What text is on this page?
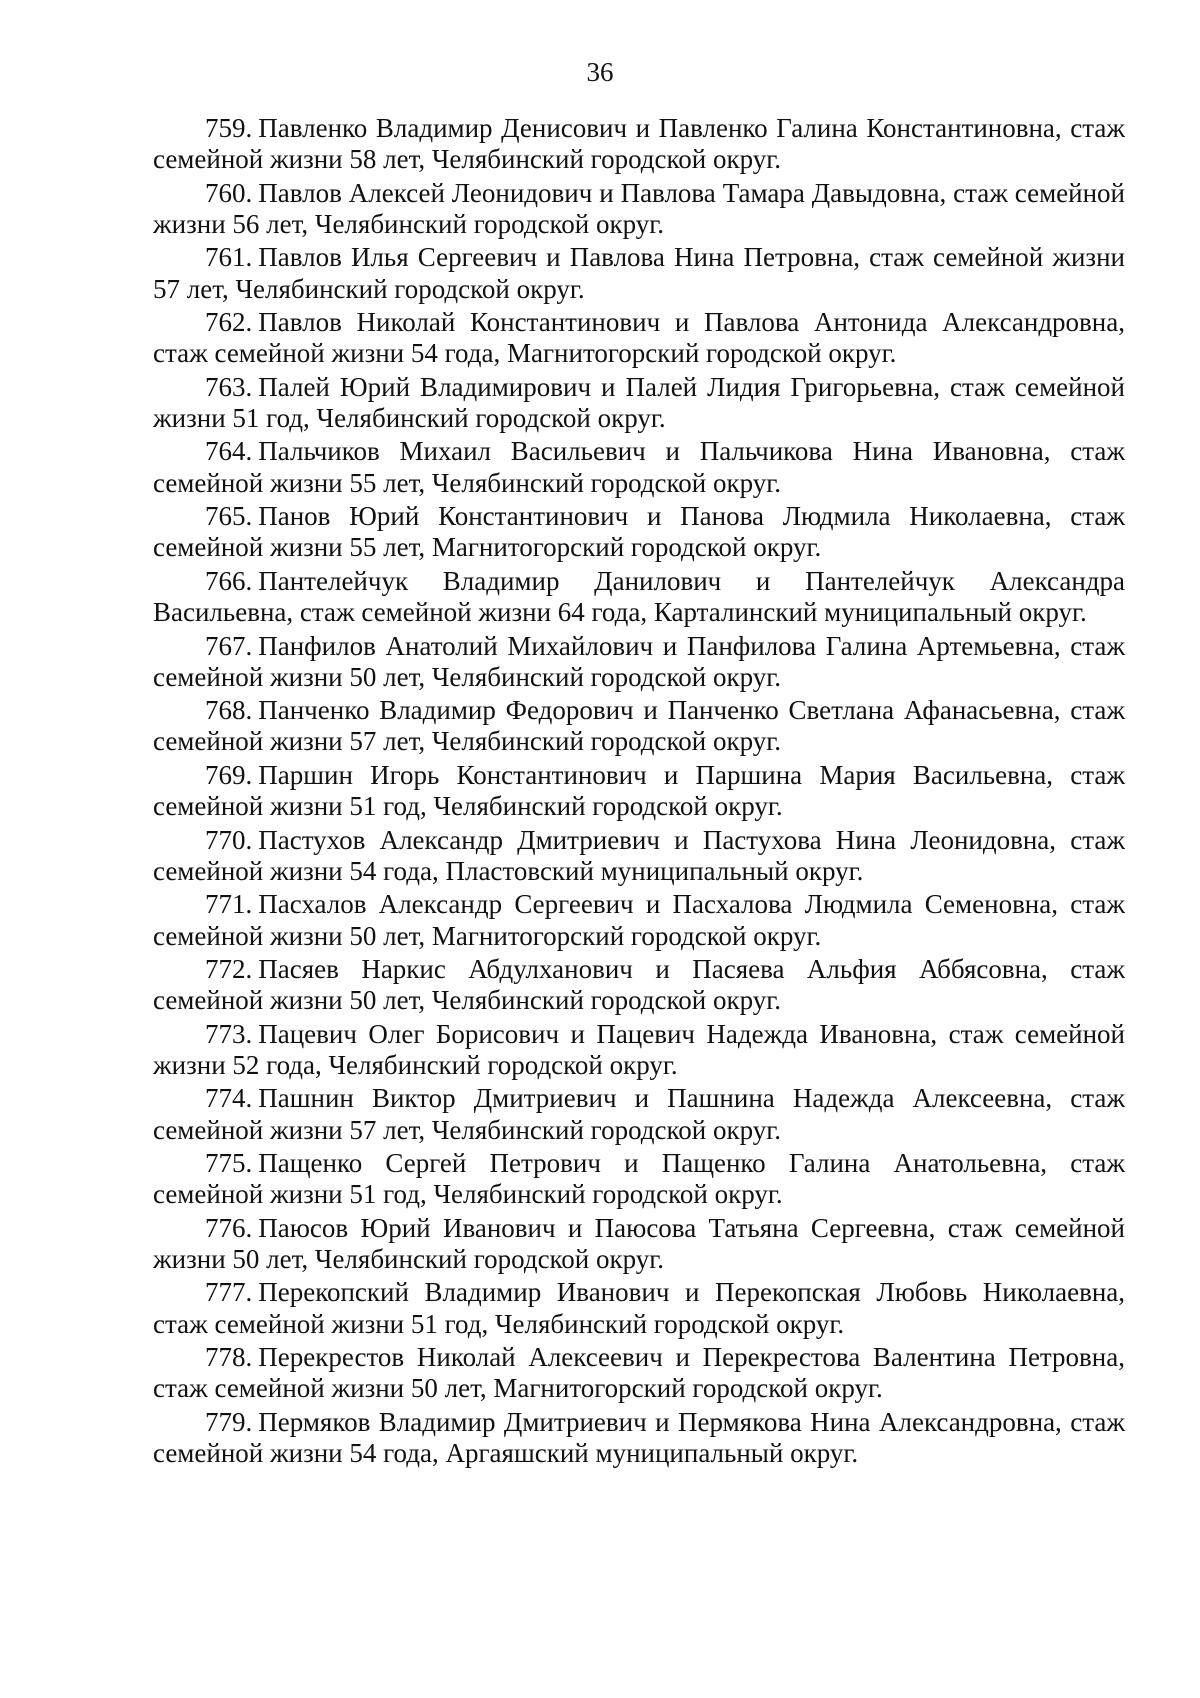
36

759. Павленко Владимир Денисович и Павленко Галина Константиновна, стаж семейной жизни 58 лет, Челябинский городской округ.

760. Павлов Алексей Леонидович и Павлова Тамара Давыдовна, стаж семейной жизни 56 лет, Челябинский городской округ.

761. Павлов Илья Сергеевич и Павлова Нина Петровна, стаж семейной жизни 57 лет, Челябинский городской округ.

762. Павлов Николай Константинович и Павлова Антонида Александровна, стаж семейной жизни 54 года, Магнитогорский городской округ.

763. Палей Юрий Владимирович и Палей Лидия Григорьевна, стаж семейной жизни 51 год, Челябинский городской округ.

764. Пальчиков Михаил Васильевич и Пальчикова Нина Ивановна, стаж семейной жизни 55 лет, Челябинский городской округ.

765. Панов Юрий Константинович и Панова Людмила Николаевна, стаж семейной жизни 55 лет, Магнитогорский городской округ.

766. Пантелейчук Владимир Данилович и Пантелейчук Александра Васильевна, стаж семейной жизни 64 года, Карталинский муниципальный округ.

767. Панфилов Анатолий Михайлович и Панфилова Галина Артемьевна, стаж семейной жизни 50 лет, Челябинский городской округ.

768. Панченко Владимир Федорович и Панченко Светлана Афанасьевна, стаж семейной жизни 57 лет, Челябинский городской округ.

769. Паршин Игорь Константинович и Паршина Мария Васильевна, стаж семейной жизни 51 год, Челябинский городской округ.

770. Пастухов Александр Дмитриевич и Пастухова Нина Леонидовна, стаж семейной жизни 54 года, Пластовский муниципальный округ.

771. Пасхалов Александр Сергеевич и Пасхалова Людмила Семеновна, стаж семейной жизни 50 лет, Магнитогорский городской округ.

772. Пасяев Наркис Абдулханович и Пасяева Альфия Аббясовна, стаж семейной жизни 50 лет, Челябинский городской округ.

773. Пацевич Олег Борисович и Пацевич Надежда Ивановна, стаж семейной жизни 52 года, Челябинский городской округ.

774. Пашнин Виктор Дмитриевич и Пашнина Надежда Алексеевна, стаж семейной жизни 57 лет, Челябинский городской округ.

775. Пащенко Сергей Петрович и Пащенко Галина Анатольевна, стаж семейной жизни 51 год, Челябинский городской округ.

776. Паюсов Юрий Иванович и Паюсова Татьяна Сергеевна, стаж семейной жизни 50 лет, Челябинский городской округ.

777. Перекопский Владимир Иванович и Перекопская Любовь Николаевна, стаж семейной жизни 51 год, Челябинский городской округ.

778. Перекрестов Николай Алексеевич и Перекрестова Валентина Петровна, стаж семейной жизни 50 лет, Магнитогорский городской округ.

779. Пермяков Владимир Дмитриевич и Пермякова Нина Александровна, стаж семейной жизни 54 года, Аргаяшский муниципальный округ.
